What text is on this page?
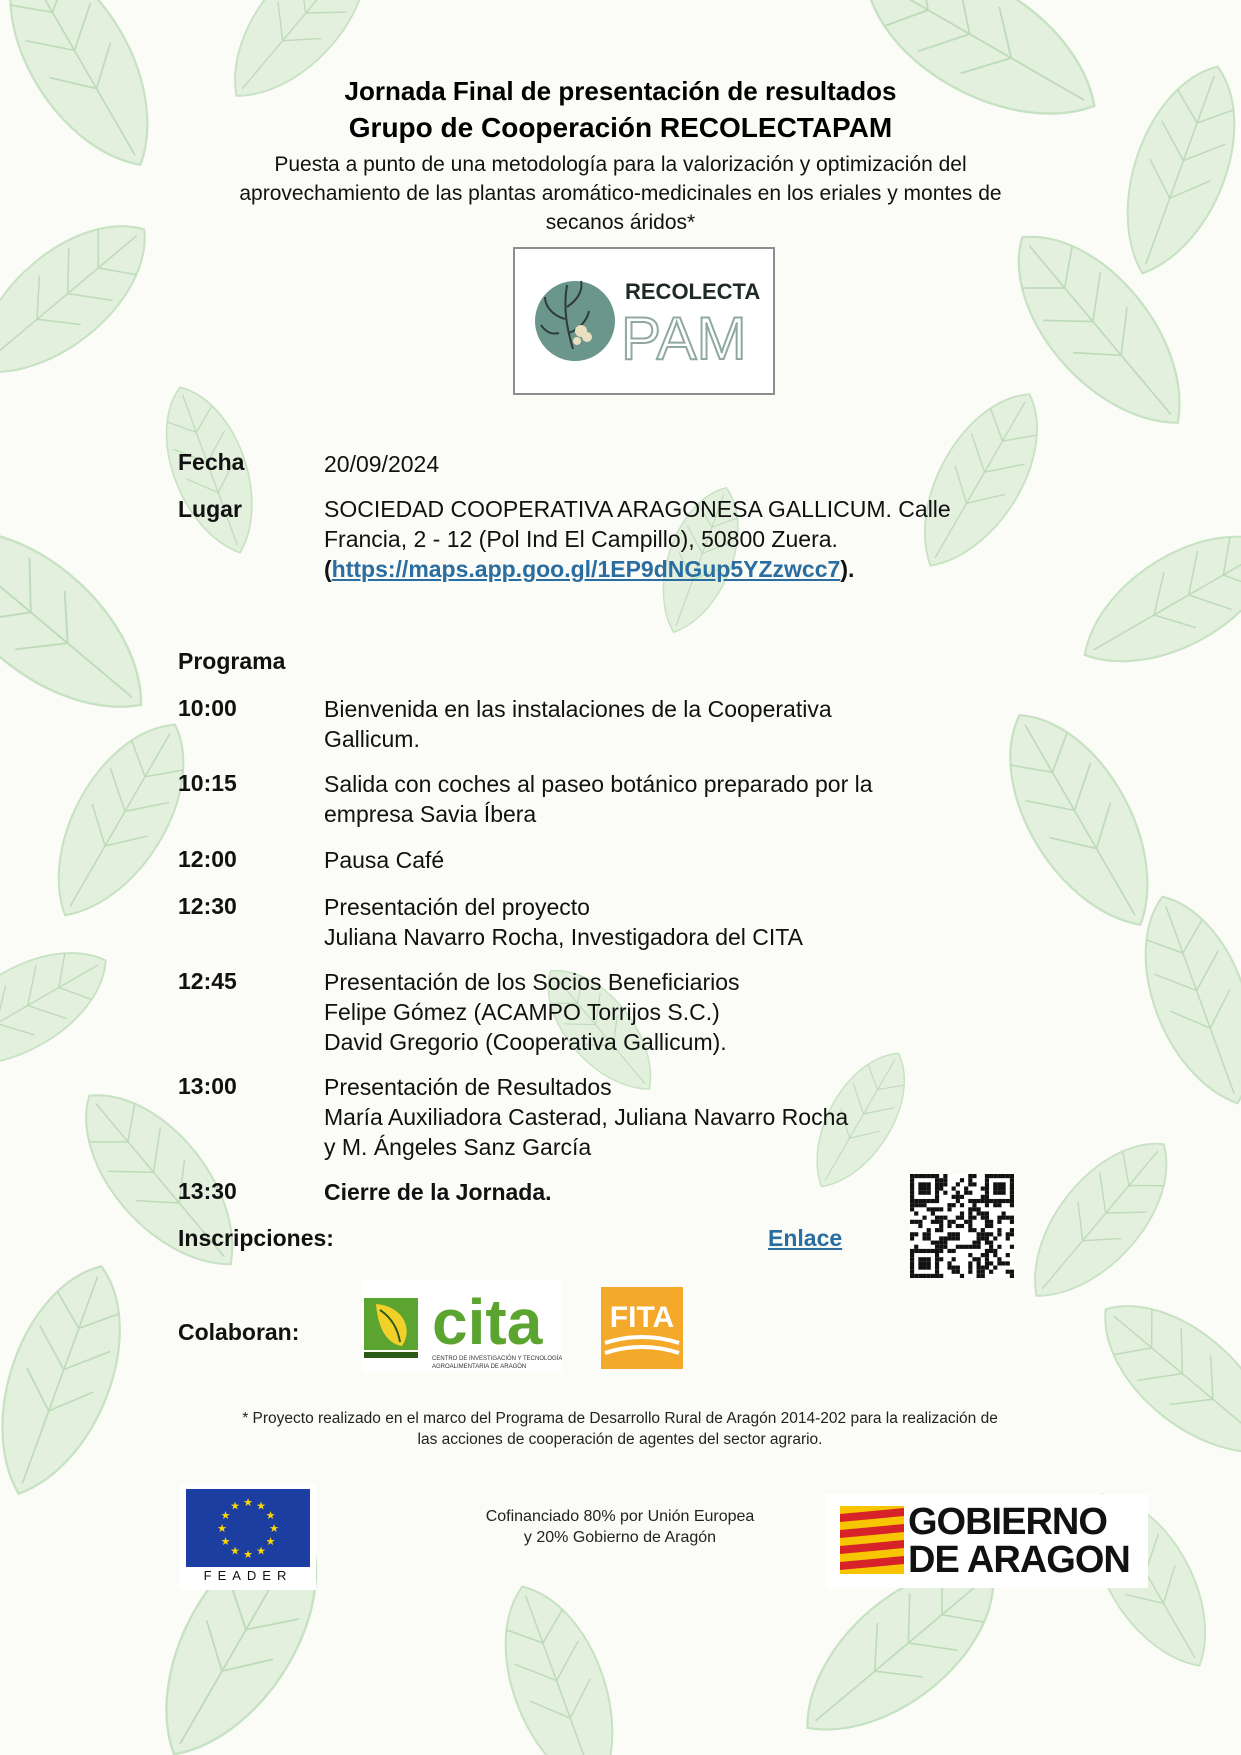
Jornada Final de presentación de resultados
Grupo de Cooperación RECOLECTAPAM
Puesta a punto de una metodología para la valorización y optimización del
aprovechamiento de las plantas aromático-medicinales en los eriales y montes de
secanos áridos*
RECOLECTA
PAM
Fecha	20/09/2024
Lugar	SOCIEDAD COOPERATIVA ARAGONESA GALLICUM. Calle
Francia, 2 - 12 (Pol Ind El Campillo), 50800 Zuera.
(https://maps.app.goo.gl/1EP9dNGup5YZzwcc7).
Programa
10:00	Bienvenida en las instalaciones de la Cooperativa
Gallicum.
10:15	Salida con coches al paseo botánico preparado por la
empresa Savia Íbera
12:00	Pausa Café
12:30	Presentación del proyecto
Juliana Navarro Rocha, Investigadora del CITA
12:45	Presentación de los Socios Beneficiarios
Felipe Gómez (ACAMPO Torrijos S.C.)
David Gregorio (Cooperativa Gallicum).
13:00	Presentación de Resultados
María Auxiliadora Casterad, Juliana Navarro Rocha
y M. Ángeles Sanz García
13:30	Cierre de la Jornada.
Inscripciones:	Enlace
Colaboran: cita
CENTRO DE INVESTIGACIÓN Y TECNOLOGÍA
AGROALIMENTARIA DE ARAGÓN
FITA
* Proyecto realizado en el marco del Programa de Desarrollo Rural de Aragón 2014-202 para la realización de
las acciones de cooperación de agentes del sector agrario.
★
★
★
★
★
★
★
★
★ ★ ★
★
FEADER
Cofinanciado 80% por Unión Europea
y 20% Gobierno de Aragón	GOBIERNO
DE ARAGON
